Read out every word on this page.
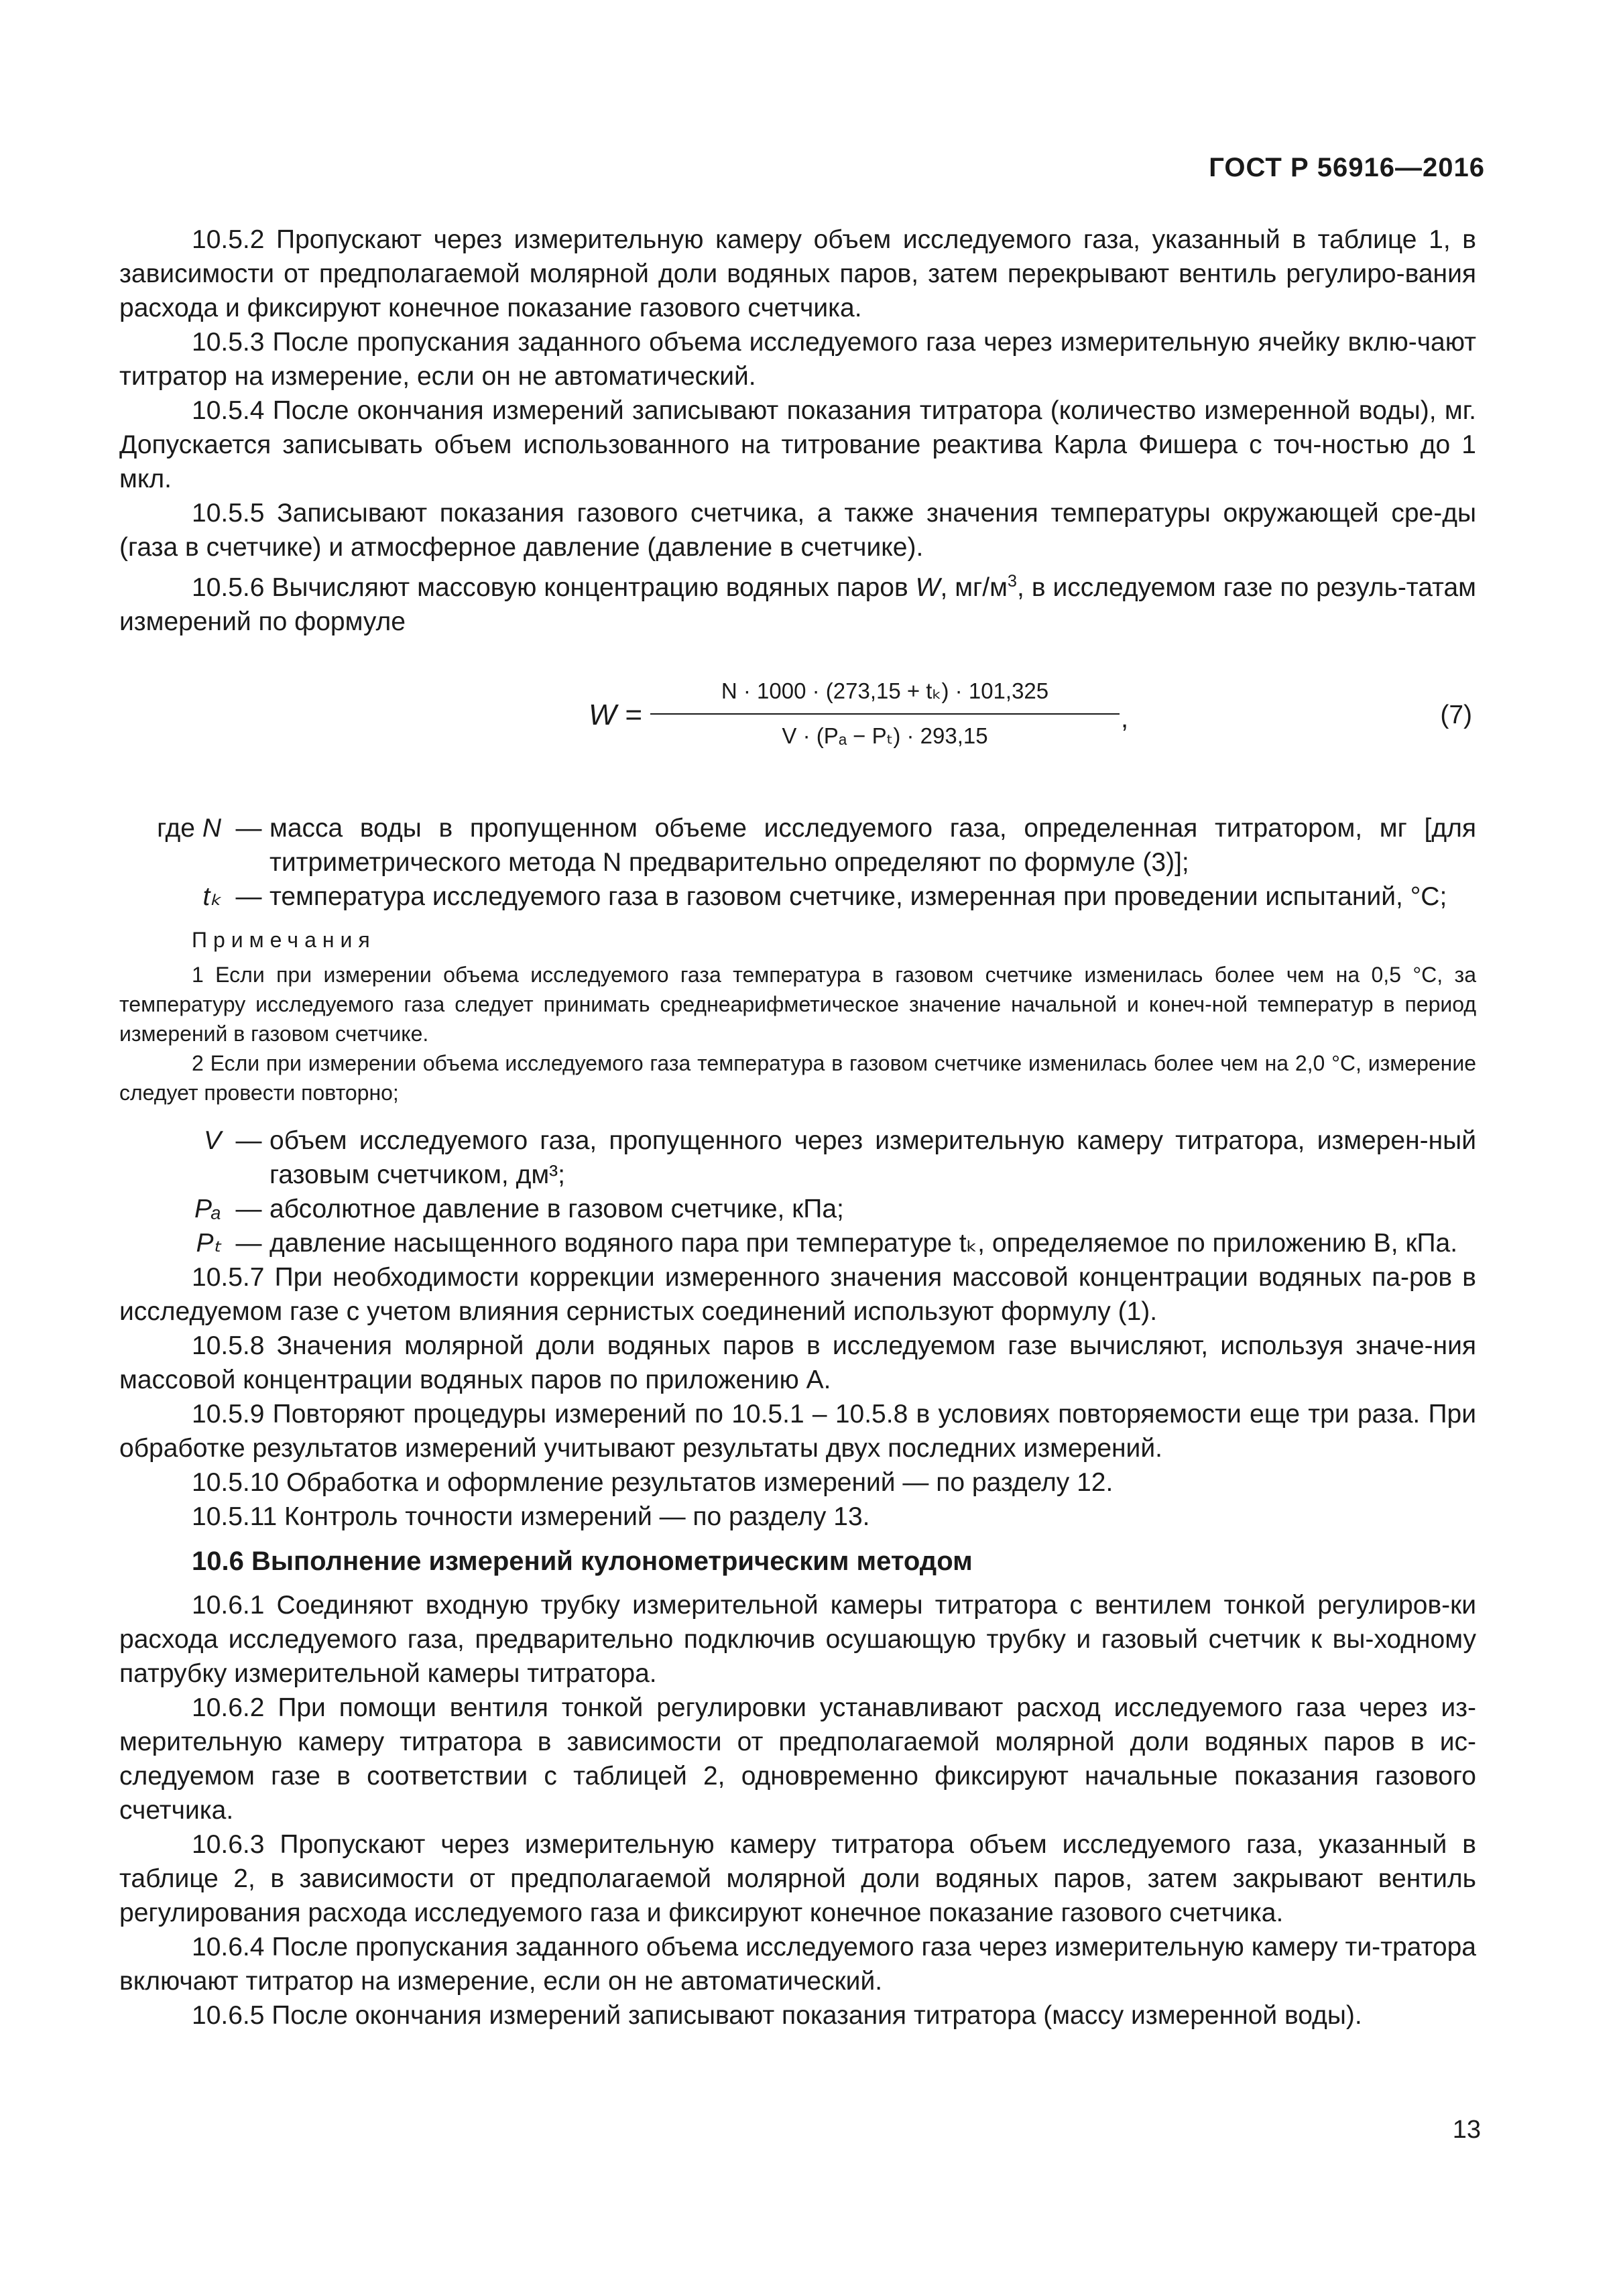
ГОСТ Р 56916—2016

10.5.2 Пропускают через измерительную камеру объем исследуемого газа, указанный в таблице 1, в зависимости от предполагаемой молярной доли водяных паров, затем перекрывают вентиль регулиро-вания расхода и фиксируют конечное показание газового счетчика.

10.5.3 После пропускания заданного объема исследуемого газа через измерительную ячейку вклю-чают титратор на измерение, если он не автоматический.

10.5.4 После окончания измерений записывают показания титратора (количество измеренной воды), мг. Допускается записывать объем использованного на титрование реактива Карла Фишера с точ-ностью до 1 мкл.

10.5.5 Записывают показания газового счетчика, а также значения температуры окружающей сре-ды (газа в счетчике) и атмосферное давление (давление в счетчике).

10.5.6 Вычисляют массовую концентрацию водяных паров W, $мг/м^3$, в исследуемом газе по резуль-татам измерений по формуле

$W = \frac{\text{N · 1000 · (273,15 + tₖ) · 101,325}}{\text{V · (Pₐ − Pₜ) · 293,15}}$ ,	(7)
где N — масса воды в пропущенном объеме исследуемого газа, определенная титратором, мг [для титриметрического метода N предварительно определяют по формуле (3)];
tₖ — температура исследуемого газа в газовом счетчике, измеренная при проведении испытаний, °С;
Примечания

1 Если при измерении объема исследуемого газа температура в газовом счетчике изменилась более чем на 0,5 °С, за температуру исследуемого газа следует принимать среднеарифметическое значение начальной и конеч-ной температур в период измерений в газовом счетчике.

2 Если при измерении объема исследуемого газа температура в газовом счетчике изменилась более чем на 2,0 °С, измерение следует провести повторно;

V — объем исследуемого газа, пропущенного через измерительную камеру титратора, измерен-ный газовым счетчиком, дм³;
Pₐ — абсолютное давление в газовом счетчике, кПа;
Pₜ — давление насыщенного водяного пара при температуре tₖ, определяемое по приложению В, кПа.

10.5.7 При необходимости коррекции измеренного значения массовой концентрации водяных па-ров в исследуемом газе с учетом влияния сернистых соединений используют формулу (1).

10.5.8 Значения молярной доли водяных паров в исследуемом газе вычисляют, используя значе-ния массовой концентрации водяных паров по приложению А.

10.5.9 Повторяют процедуры измерений по 10.5.1 – 10.5.8 в условиях повторяемости еще три раза. При обработке результатов измерений учитывают результаты двух последних измерений.

10.5.10 Обработка и оформление результатов измерений — по разделу 12.

10.5.11 Контроль точности измерений — по разделу 13.

10.6 Выполнение измерений кулонометрическим методом

10.6.1 Соединяют входную трубку измерительной камеры титратора с вентилем тонкой регулиров-ки расхода исследуемого газа, предварительно подключив осушающую трубку и газовый счетчик к вы-ходному патрубку измерительной камеры титратора.

10.6.2 При помощи вентиля тонкой регулировки устанавливают расход исследуемого газа через из-мерительную камеру титратора в зависимости от предполагаемой молярной доли водяных паров в ис-следуемом газе в соответствии с таблицей 2, одновременно фиксируют начальные показания газового счетчика.

10.6.3 Пропускают через измерительную камеру титратора объем исследуемого газа, указанный в таблице 2, в зависимости от предполагаемой молярной доли водяных паров, затем закрывают вентиль регулирования расхода исследуемого газа и фиксируют конечное показание газового счетчика.

10.6.4 После пропускания заданного объема исследуемого газа через измерительную камеру ти-тратора включают титратор на измерение, если он не автоматический.

10.6.5 После окончания измерений записывают показания титратора (массу измеренной воды).

13
